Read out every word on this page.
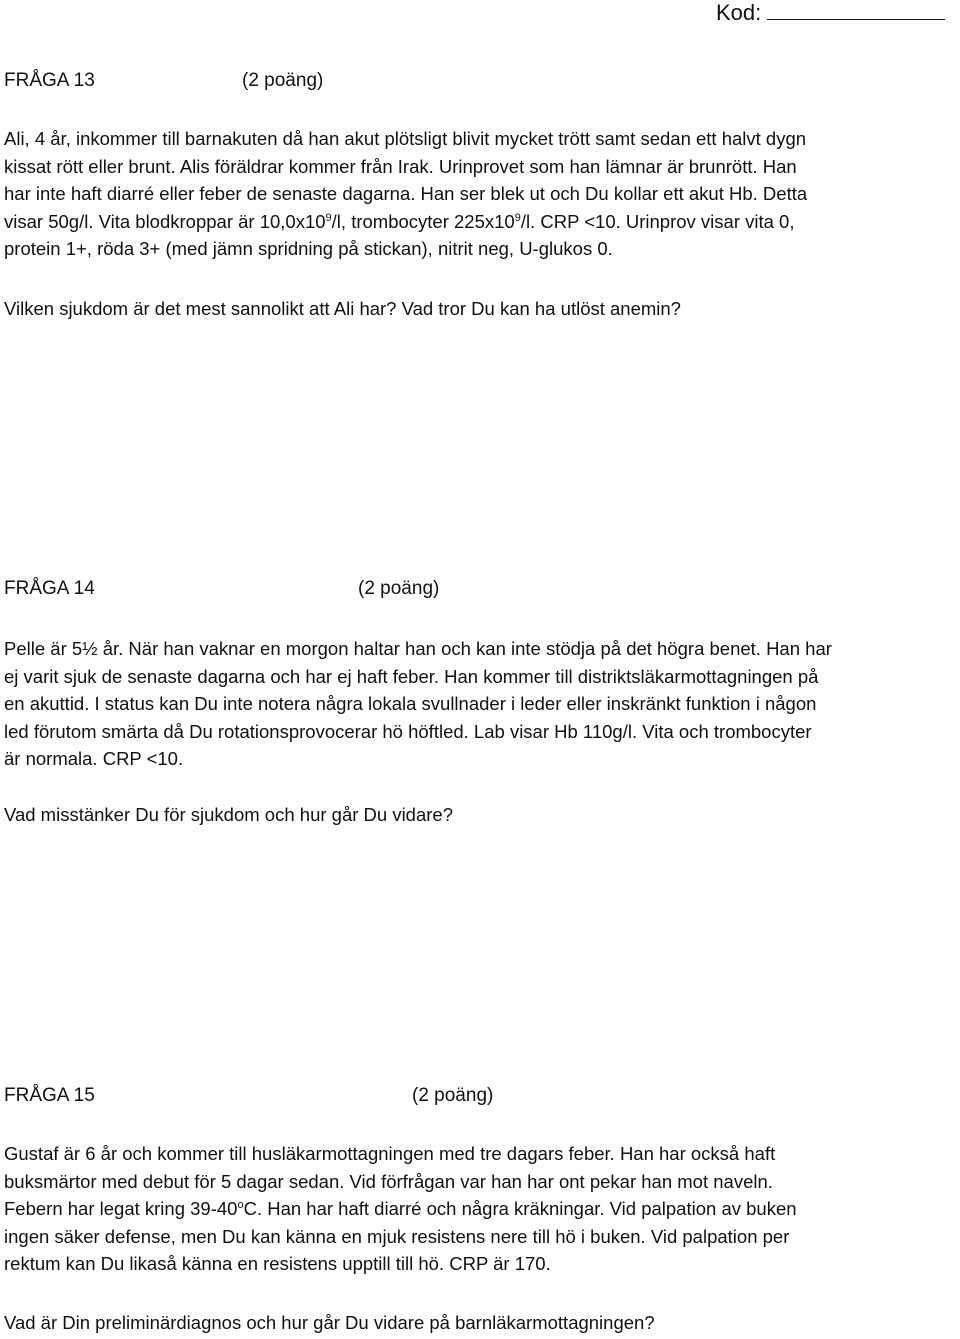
Kod:
FRÅGA 13	(2 poäng)
Ali, 4 år, inkommer till barnakuten då han akut plötsligt blivit mycket trött samt sedan ett halvt dygn
kissat rött eller brunt. Alis föräldrar kommer från Irak. Urinprovet som han lämnar är brunrött. Han
har inte haft diarré eller feber de senaste dagarna. Han ser blek ut och Du kollar ett akut Hb. Detta
visar 50g/l. Vita blodkroppar är $10,0x10^9/l$, trombocyter $225x10^9/l$. CRP <10. Urinprov visar vita 0,
protein 1+, röda 3+ (med jämn spridning på stickan), nitrit neg, U-glukos 0.
Vilken sjukdom är det mest sannolikt att Ali har? Vad tror Du kan ha utlöst anemin?
FRÅGA 14	(2 poäng)
Pelle är 5½ år. När han vaknar en morgon haltar han och kan inte stödja på det högra benet. Han har
ej varit sjuk de senaste dagarna och har ej haft feber. Han kommer till distriktsläkarmottagningen på
en akuttid. I status kan Du inte notera några lokala svullnader i leder eller inskränkt funktion i någon
led förutom smärta då Du rotationsprovocerar hö höftled. Lab visar Hb 110g/l. Vita och trombocyter
är normala. CRP <10.
Vad misstänker Du för sjukdom och hur går Du vidare?
FRÅGA 15	(2 poäng)
Gustaf är 6 år och kommer till husläkarmottagningen med tre dagars feber. Han har också haft
buksmärtor med debut för 5 dagar sedan. Vid förfrågan var han har ont pekar han mot naveln.
Febern har legat kring 39-40$^o$C. Han har haft diarré och några kräkningar. Vid palpation av buken
ingen säker defense, men Du kan känna en mjuk resistens nere till hö i buken. Vid palpation per
rektum kan Du likaså känna en resistens upptill till hö. CRP är 170.
Vad är Din preliminärdiagnos och hur går Du vidare på barnläkarmottagningen?
